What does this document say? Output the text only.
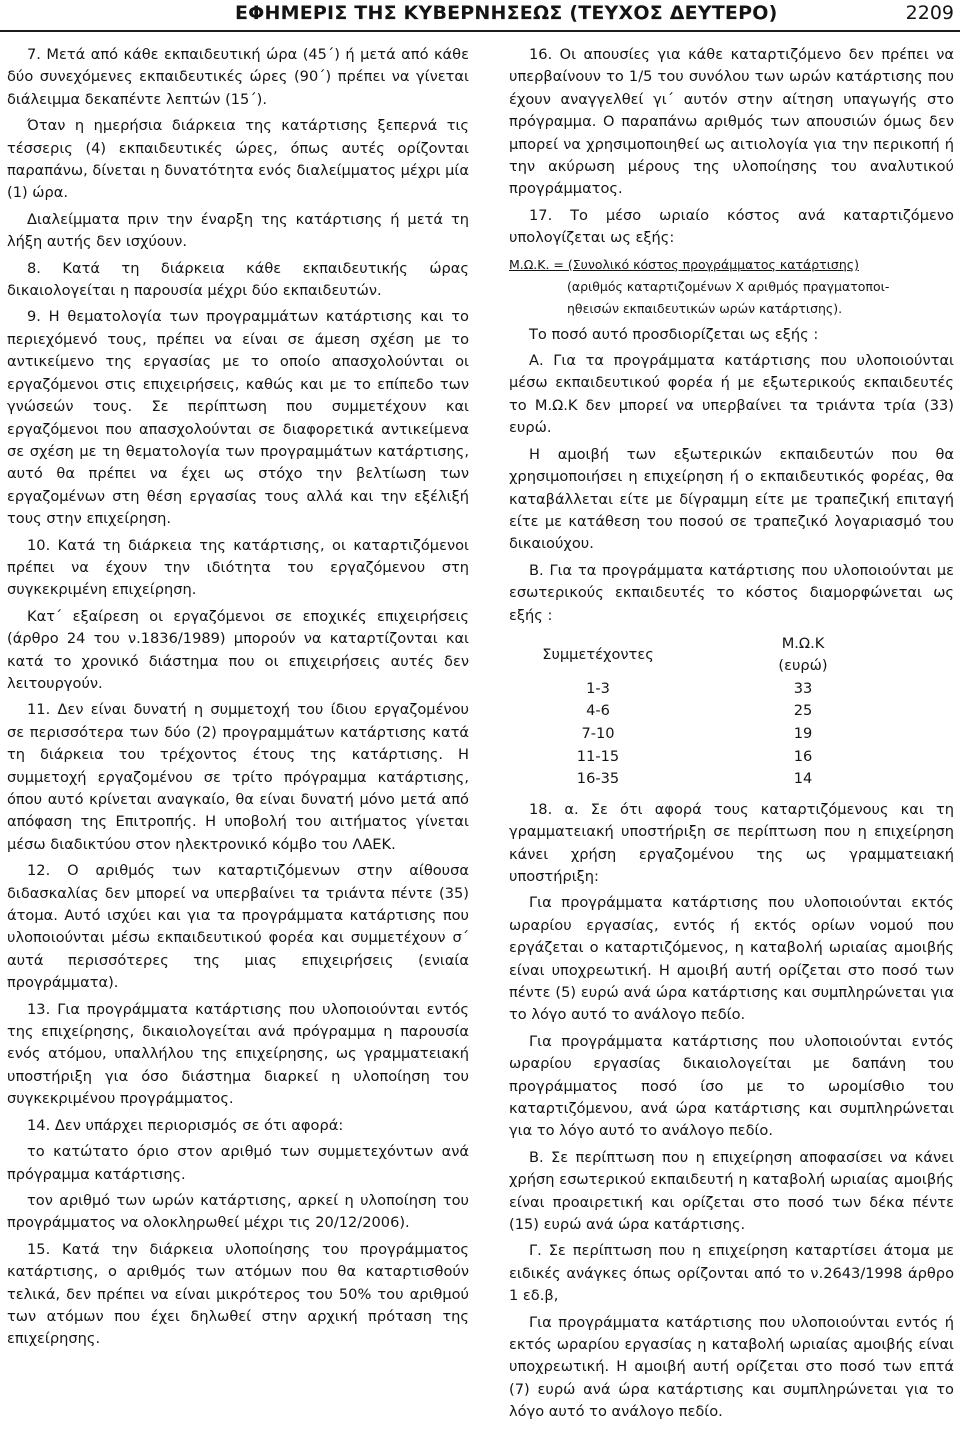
ΕΦΗΜΕΡΙΣ ΤΗΣ ΚΥΒΕΡΝΗΣΕΩΣ (ΤΕΥΧΟΣ ΔΕΥΤΕΡΟ)	2209

7. Μετά από κάθε εκπαιδευτική ώρα (45΄) ή μετά από κάθε δύο συνεχόμενες εκπαιδευτικές ώρες (90΄) πρέπει να γίνεται διάλειμμα δεκαπέντε λεπτών (15΄).

Όταν η ημερήσια διάρκεια της κατάρτισης ξεπερνά τις τέσσερις (4) εκπαιδευτικές ώρες, όπως αυτές ορίζονται παραπάνω, δίνεται η δυνατότητα ενός διαλείμματος μέχρι μία (1) ώρα.

Διαλείμματα πριν την έναρξη της κατάρτισης ή μετά τη λήξη αυτής δεν ισχύουν.

8. Κατά τη διάρκεια κάθε εκπαιδευτικής ώρας δικαιολογείται η παρουσία μέχρι δύο εκπαιδευτών.

9. Η θεματολογία των προγραμμάτων κατάρτισης και το περιεχόμενό τους, πρέπει να είναι σε άμεση σχέση με το αντικείμενο της εργασίας με το οποίο απασχολούνται οι εργαζόμενοι στις επιχειρήσεις, καθώς και με το επίπεδο των γνώσεών τους. Σε περίπτωση που συμμετέχουν και εργαζόμενοι που απασχολούνται σε διαφορετικά αντικείμενα σε σχέση με τη θεματολογία των προγραμμάτων κατάρτισης, αυτό θα πρέπει να έχει ως στόχο την βελτίωση των εργαζομένων στη θέση εργασίας τους αλλά και την εξέλιξή τους στην επιχείρηση.

10. Κατά τη διάρκεια της κατάρτισης, οι καταρτιζόμενοι πρέπει να έχουν την ιδιότητα του εργαζόμενου στη συγκεκριμένη επιχείρηση.

Κατ΄ εξαίρεση οι εργαζόμενοι σε εποχικές επιχειρήσεις (άρθρο 24 του ν.1836/1989) μπορούν να καταρτίζονται και κατά το χρονικό διάστημα που οι επιχειρήσεις αυτές δεν λειτουργούν.

11. Δεν είναι δυνατή η συμμετοχή του ίδιου εργαζομένου σε περισσότερα των δύο (2) προγραμμάτων κατάρτισης κατά τη διάρκεια του τρέχοντος έτους της κατάρτισης. Η συμμετοχή εργαζομένου σε τρίτο πρόγραμμα κατάρτισης, όπου αυτό κρίνεται αναγκαίο, θα είναι δυνατή μόνο μετά από απόφαση της Επιτροπής. Η υποβολή του αιτήματος γίνεται μέσω διαδικτύου στον ηλεκτρονικό κόμβο του ΛΑΕΚ.

12. Ο αριθμός των καταρτιζόμενων στην αίθουσα διδασκαλίας δεν μπορεί να υπερβαίνει τα τριάντα πέντε (35) άτομα. Αυτό ισχύει και για τα προγράμματα κατάρτισης που υλοποιούνται μέσω εκπαιδευτικού φορέα και συμμετέχουν σ΄ αυτά περισσότερες της μιας επιχειρήσεις (ενιαία προγράμματα).

13. Για προγράμματα κατάρτισης που υλοποιούνται εντός της επιχείρησης, δικαιολογείται ανά πρόγραμμα η παρουσία ενός ατόμου, υπαλλήλου της επιχείρησης, ως γραμματειακή υποστήριξη για όσο διάστημα διαρκεί η υλοποίηση του συγκεκριμένου προγράμματος.

14. Δεν υπάρχει περιορισμός σε ότι αφορά:

το κατώτατο όριο στον αριθμό των συμμετεχόντων ανά πρόγραμμα κατάρτισης.

τον αριθμό των ωρών κατάρτισης, αρκεί η υλοποίηση του προγράμματος να ολοκληρωθεί μέχρι τις 20/12/2006).

15. Κατά την διάρκεια υλοποίησης του προγράμματος κατάρτισης, ο αριθμός των ατόμων που θα καταρτισθούν τελικά, δεν πρέπει να είναι μικρότερος του 50% του αριθμού των ατόμων που έχει δηλωθεί στην αρχική πρόταση της επιχείρησης.

16. Οι απουσίες για κάθε καταρτιζόμενο δεν πρέπει να υπερβαίνουν το 1/5 του συνόλου των ωρών κατάρτισης που έχουν αναγγελθεί γι΄ αυτόν στην αίτηση υπαγωγής στο πρόγραμμα. Ο παραπάνω αριθμός των απουσιών όμως δεν μπορεί να χρησιμοποιηθεί ως αιτιολογία για την περικοπή ή την ακύρωση μέρους της υλοποίησης του αναλυτικού προγράμματος.

17. Το μέσο ωριαίο κόστος ανά καταρτιζόμενο υπολογίζεται ως εξής:

Μ.Ω.Κ. = (Συνολικό κόστος προγράμματος κατάρτισης)
(αριθμός καταρτιζομένων Χ αριθμός πραγματοποι-
ηθεισών εκπαιδευτικών ωρών κατάρτισης).

Το ποσό αυτό προσδιορίζεται ως εξής :

Α. Για τα προγράμματα κατάρτισης που υλοποιούνται μέσω εκπαιδευτικού φορέα ή με εξωτερικούς εκπαιδευτές το Μ.Ω.Κ δεν μπορεί να υπερβαίνει τα τριάντα τρία (33) ευρώ.

Η αμοιβή των εξωτερικών εκπαιδευτών που θα χρησιμοποιήσει η επιχείρηση ή ο εκπαιδευτικός φορέας, θα καταβάλλεται είτε με δίγραμμη είτε με τραπεζική επιταγή είτε με κατάθεση του ποσού σε τραπεζικό λογαριασμό του δικαιούχου.

Β. Για τα προγράμματα κατάρτισης που υλοποιούνται με εσωτερικούς εκπαιδευτές το κόστος διαμορφώνεται ως εξής :

Συμμετέχοντες		Μ.Ω.Κ (ευρώ)
1-3		33
4-6		25
7-10		19
11-15		16
16-35		14

18. α. Σε ότι αφορά τους καταρτιζόμενους και τη γραμματειακή υποστήριξη σε περίπτωση που η επιχείρηση κάνει χρήση εργαζομένου της ως γραμματειακή υποστήριξη:

Για προγράμματα κατάρτισης που υλοποιούνται εκτός ωραρίου εργασίας, εντός ή εκτός ορίων νομού που εργάζεται ο καταρτιζόμενος, η καταβολή ωριαίας αμοιβής είναι υποχρεωτική. Η αμοιβή αυτή ορίζεται στο ποσό των πέντε (5) ευρώ ανά ώρα κατάρτισης και συμπληρώνεται για το λόγο αυτό το ανάλογο πεδίο.

Για προγράμματα κατάρτισης που υλοποιούνται εντός ωραρίου εργασίας δικαιολογείται με δαπάνη του προγράμματος ποσό ίσο με το ωρομίσθιο του καταρτιζόμενου, ανά ώρα κατάρτισης και συμπληρώνεται για το λόγο αυτό το ανάλογο πεδίο.

Β. Σε περίπτωση που η επιχείρηση αποφασίσει να κάνει χρήση εσωτερικού εκπαιδευτή η καταβολή ωριαίας αμοιβής είναι προαιρετική και ορίζεται στο ποσό των δέκα πέντε (15) ευρώ ανά ώρα κατάρτισης.

Γ. Σε περίπτωση που η επιχείρηση καταρτίσει άτομα με ειδικές ανάγκες όπως ορίζονται από το ν.2643/1998 άρθρο 1 εδ.β,

Για προγράμματα κατάρτισης που υλοποιούνται εντός ή εκτός ωραρίου εργασίας η καταβολή ωριαίας αμοιβής είναι υποχρεωτική. Η αμοιβή αυτή ορίζεται στο ποσό των επτά (7) ευρώ ανά ώρα κατάρτισης και συμπληρώνεται για το λόγο αυτό το ανάλογο πεδίο.
